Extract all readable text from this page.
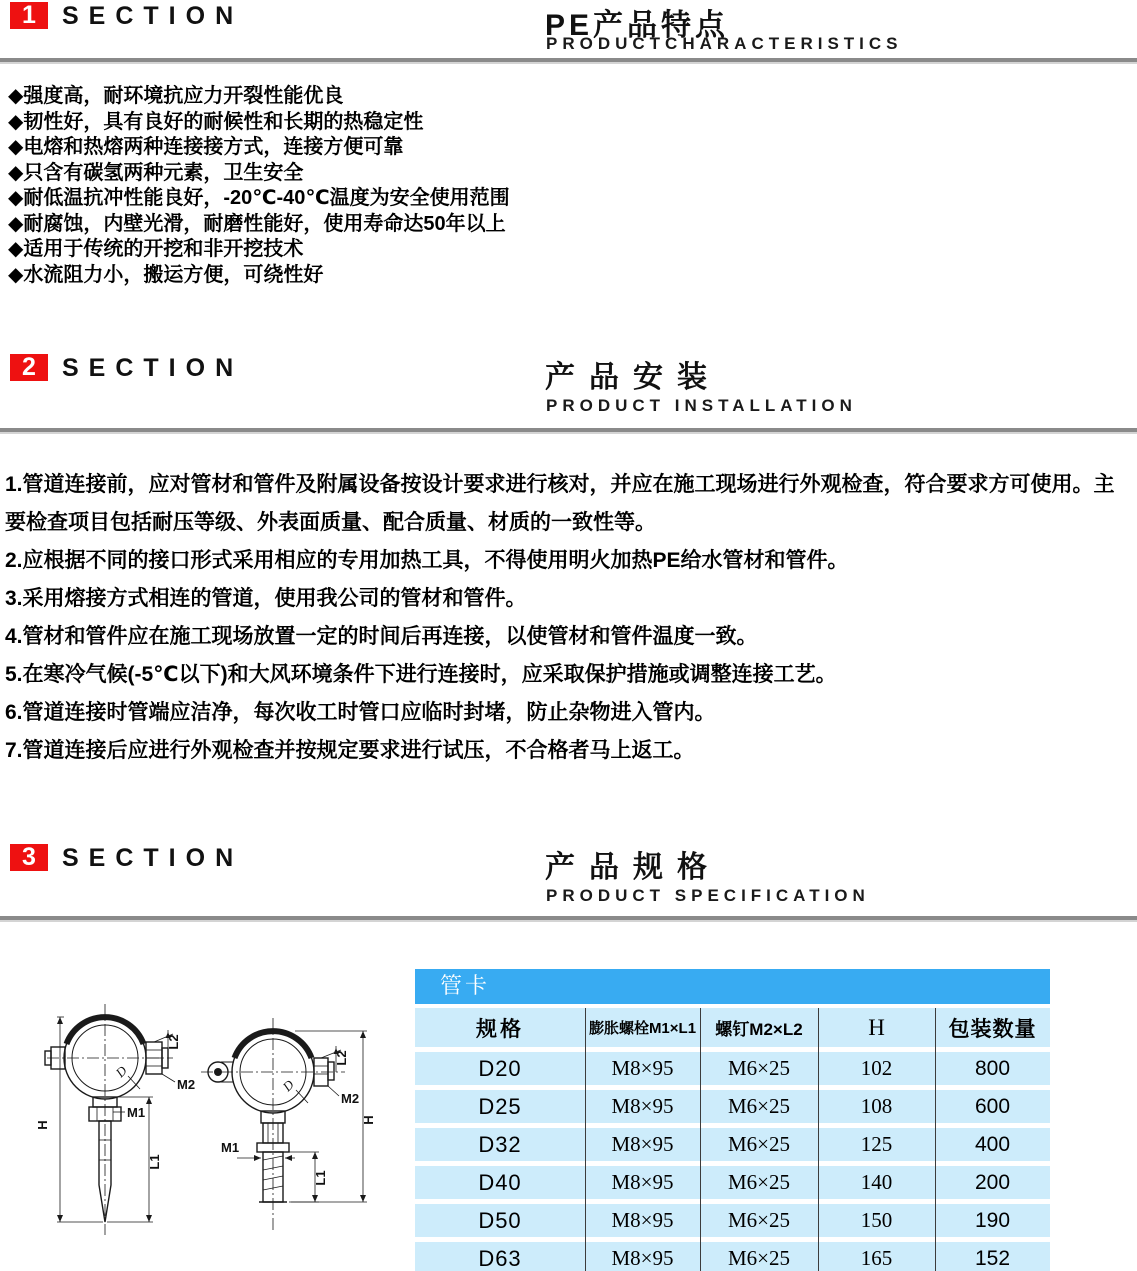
1	SECTION	PE产品特点
PRODUCTCHARACTERISTICS
◆强度高，耐环境抗应力开裂性能优良
◆韧性好，具有良好的耐候性和长期的热稳定性
◆电熔和热熔两种连接接方式，连接方便可靠
◆只含有碳氢两种元素，卫生安全
◆耐低温抗冲性能良好，-20℃-40℃温度为安全使用范围
◆耐腐蚀，内壁光滑，耐磨性能好，使用寿命达50年以上
◆适用于传统的开挖和非开挖技术
◆水流阻力小，搬运方便，可绕性好
2	SECTION	产品安装
PRODUCT INSTALLATION

1.管道连接前，应对管材和管件及附属设备按设计要求进行核对，并应在施工现场进行外观检查，符合要求方可使用。主要检查项目包括耐压等级、外表面质量、配合质量、材质的一致性等。

2.应根据不同的接口形式采用相应的专用加热工具，不得使用明火加热PE给水管材和管件。

3.采用熔接方式相连的管道，使用我公司的管材和管件。

4.管材和管件应在施工现场放置一定的时间后再连接，以使管材和管件温度一致。

5.在寒冷气候(-5℃以下)和大风环境条件下进行连接时，应采取保护措施或调整连接工艺。

6.管道连接时管端应洁净，每次收工时管口应临时封堵，防止杂物进入管内。

7.管道连接后应进行外观检查并按规定要求进行试压，不合格者马上返工。

3	SECTION	产品规格
PRODUCT SPECIFICATION
H
L1
L2
M2
M1
D
H
L1
L2
M2
M1
D
管卡
规格	膨胀螺栓M1×L1	螺钉M2×L2	H	包装数量
D20	M8×95	M6×25	102	800
D25	M8×95	M6×25	108	600
D32	M8×95	M6×25	125	400
D40	M8×95	M6×25	140	200
D50	M8×95	M6×25	150	190
D63	M8×95	M6×25	165	152
